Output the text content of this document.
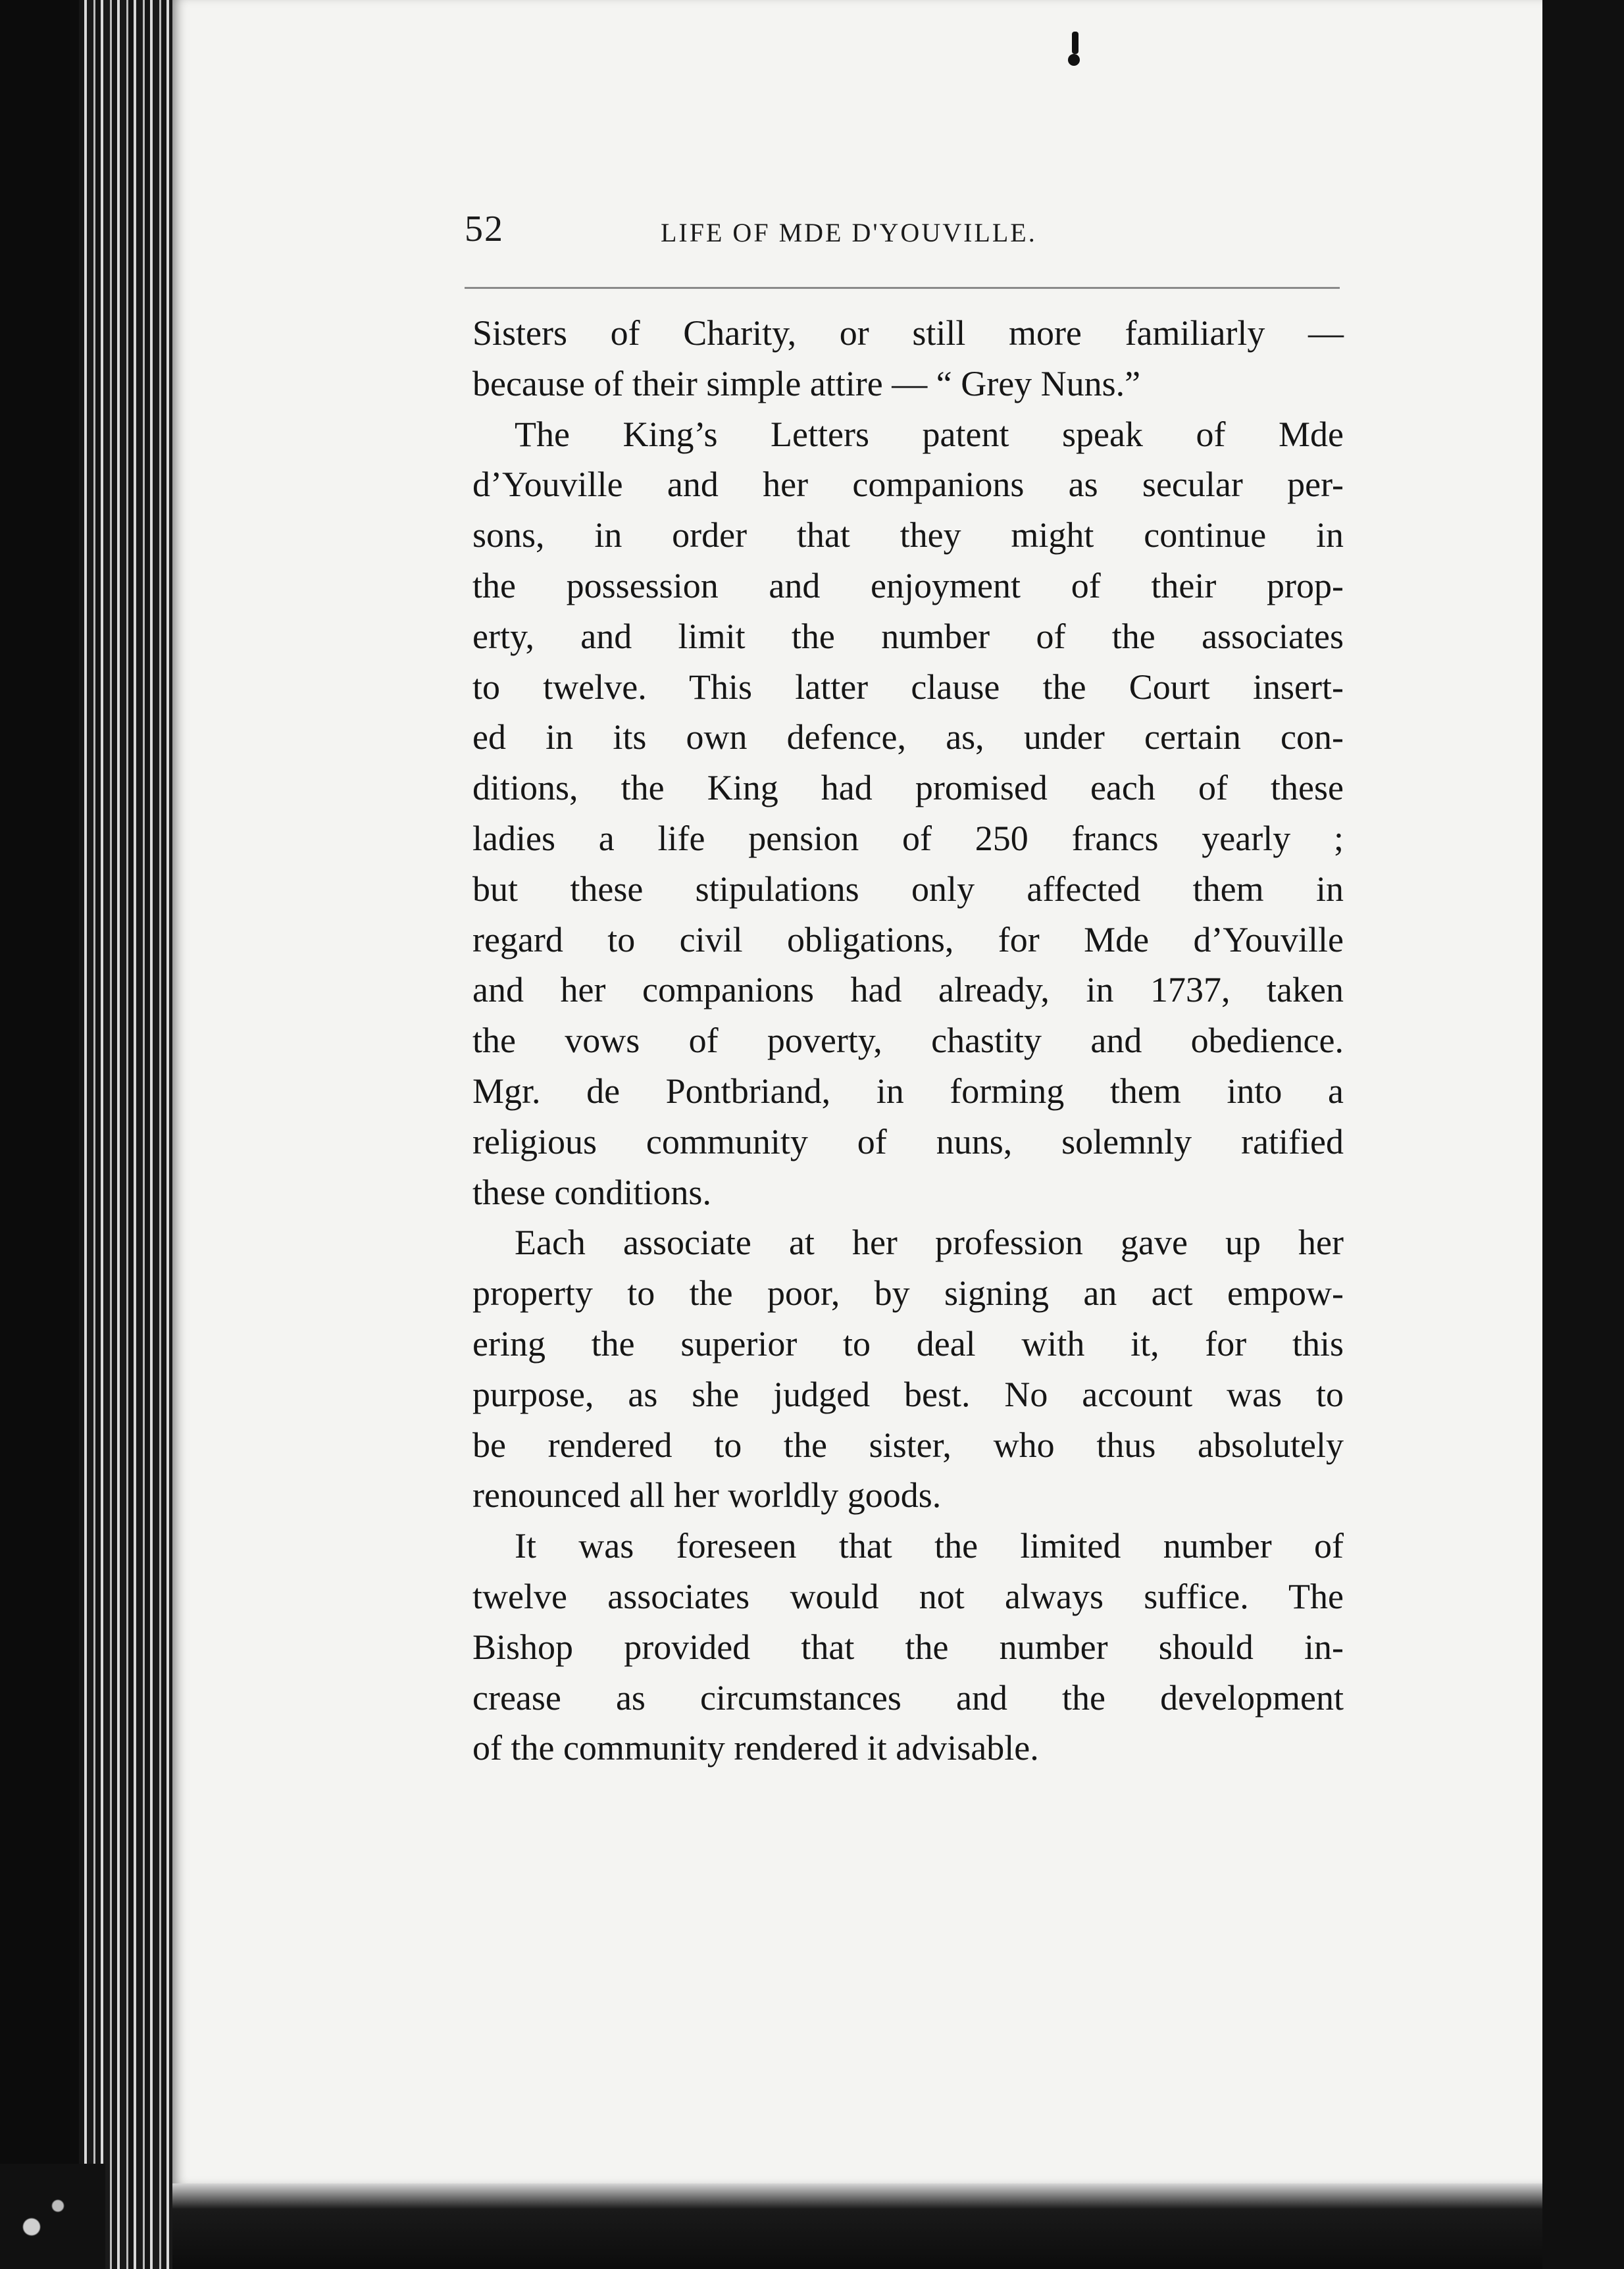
52	LIFE OF MDE D'YOUVILLE.
Sisters of Charity, or still more familiarly —
because of their simple attire — “ Grey Nuns.”
The King’s Letters patent speak of Mde
d’Youville and her companions as secular per-
sons, in order that they might continue in
the possession and enjoyment of their prop-
erty, and limit the number of the associates
to twelve. This latter clause the Court insert-
ed in its own defence, as, under certain con-
ditions, the King had promised each of these
ladies a life pension of 250 francs yearly ;
but these stipulations only affected them in
regard to civil obligations, for Mde d’Youville
and her companions had already, in 1737, taken
the vows of poverty, chastity and obedience.
Mgr. de Pontbriand, in forming them into a
religious community of nuns, solemnly ratified
these conditions.
Each associate at her profession gave up her
property to the poor, by signing an act empow-
ering the superior to deal with it, for this
purpose, as she judged best. No account was to
be rendered to the sister, who thus absolutely
renounced all her worldly goods.
It was foreseen that the limited number of
twelve associates would not always suffice. The
Bishop provided that the number should in-
crease as circumstances and the development
of the community rendered it advisable.
